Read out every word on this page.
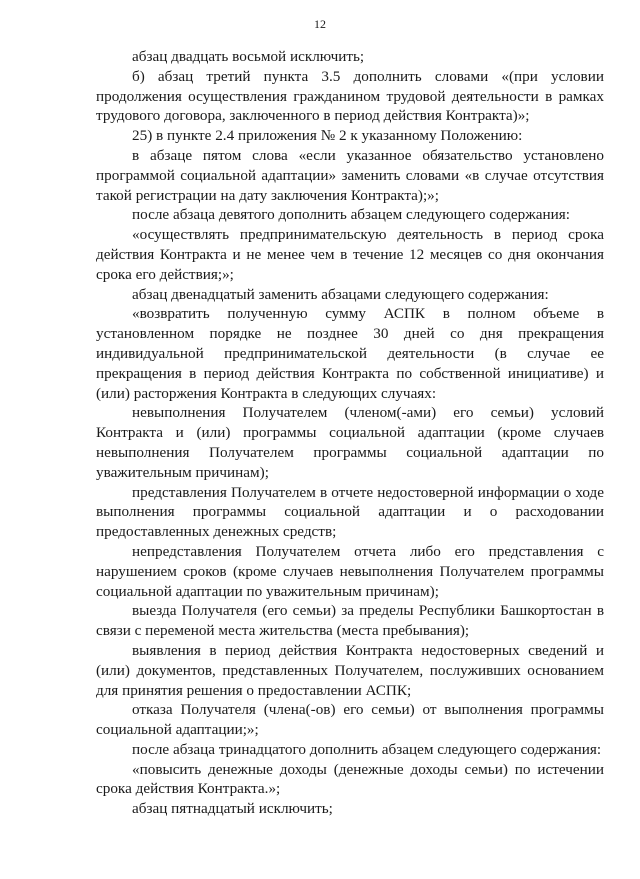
12

абзац двадцать восьмой исключить;

б) абзац третий пункта 3.5 дополнить словами «(при условии продолжения осуществления гражданином трудовой деятельности в рамках трудового договора, заключенного в период действия Контракта)»;

25) в пункте 2.4 приложения № 2 к указанному Положению:

в абзаце пятом слова «если указанное обязательство установлено программой социальной адаптации» заменить словами «в случае отсутствия такой регистрации на дату заключения Контракта);»;

после абзаца девятого дополнить абзацем следующего содержания:

«осуществлять предпринимательскую деятельность в период срока действия Контракта и не менее чем в течение 12 месяцев со дня окончания срока его действия;»;

абзац двенадцатый заменить абзацами следующего содержания:

«возвратить полученную сумму АСПК в полном объеме в установленном порядке не позднее 30 дней со дня прекращения индивидуальной предпринимательской деятельности (в случае ее прекращения в период действия Контракта по собственной инициативе) и (или) расторжения Контракта в следующих случаях:

невыполнения Получателем (членом(-ами) его семьи) условий Контракта и (или) программы социальной адаптации (кроме случаев невыполнения Получателем программы социальной адаптации по уважительным причинам);

представления Получателем в отчете недостоверной информации о ходе выполнения программы социальной адаптации и о расходовании предоставленных денежных средств;

непредставления Получателем отчета либо его представления с нарушением сроков (кроме случаев невыполнения Получателем программы социальной адаптации по уважительным причинам);

выезда Получателя (его семьи) за пределы Республики Башкортостан в связи с переменой места жительства (места пребывания);

выявления в период действия Контракта недостоверных сведений и (или) документов, представленных Получателем, послуживших основанием для принятия решения о предоставлении АСПК;

отказа Получателя (члена(-ов) его семьи) от выполнения программы социальной адаптации;»;

после абзаца тринадцатого дополнить абзацем следующего содержания:

«повысить денежные доходы (денежные доходы семьи) по истечении срока действия Контракта.»;

абзац пятнадцатый исключить;
